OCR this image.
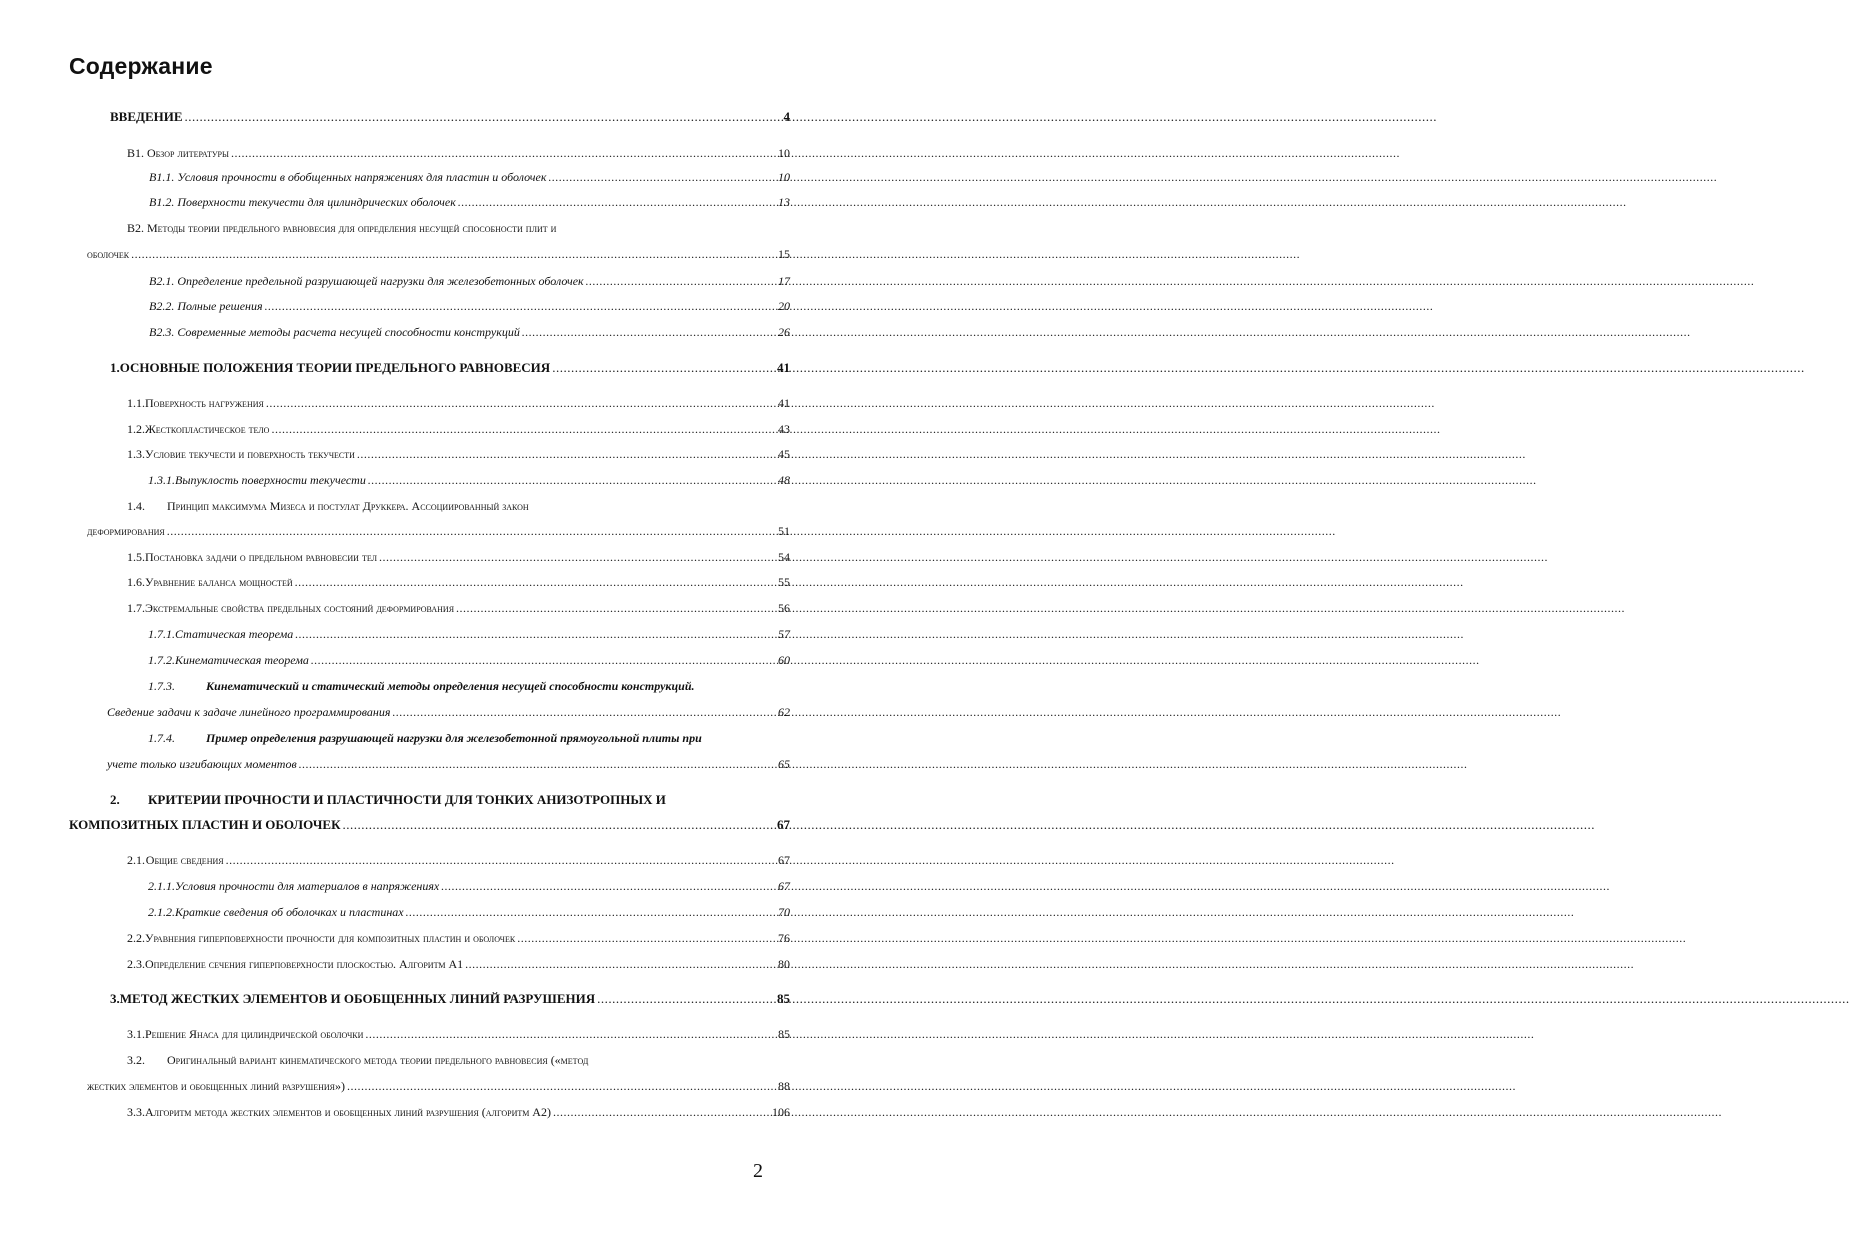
Содержание
ВВЕДЕНИЕ .....	4
В1. Обзор литературы .....	10
В1.1. Условия прочности в обобщенных напряжениях для пластин и оболочек .....	10
В1.2. Поверхности текучести для цилиндрических оболочек .....	13
В2. Методы теории предельного равновесия для определения несущей способности плит и
оболочек .....	15
В2.1. Определение предельной разрушающей нагрузки для железобетонных оболочек .....	17
В2.2. Полные решения .....	20
В2.3. Современные методы расчета несущей способности конструкций .....	26
1. ОСНОВНЫЕ ПОЛОЖЕНИЯ ТЕОРИИ ПРЕДЕЛЬНОГО РАВНОВЕСИЯ .....	41
1.1. Поверхность нагружения .....	41
1.2. Жесткопластическое тело .....	43
1.3. Условие текучести и поверхность текучести .....	45
1.3.1. Выпуклость поверхности текучести .....	48
1.4. Принцип максимума Мизеса и постулат Друккера. Ассоциированный закон
деформирования .....	51
1.5. Постановка задачи о предельном равновесии тел .....	54
1.6. Уравнение баланса мощностей .....	55
1.7. Экстремальные свойства предельных состояний деформирования .....	56
1.7.1. Статическая теорема .....	57
1.7.2. Кинематическая теорема .....	60
1.7.3.	Кинематический и статический методы определения несущей способности конструкций.
Сведение задачи к задаче линейного программирования .....	62
1.7.4.	Пример определения разрушающей нагрузки для железобетонной прямоугольной плиты при
учете только изгибающих моментов .....	65
2. КРИТЕРИИ ПРОЧНОСТИ И ПЛАСТИЧНОСТИ ДЛЯ ТОНКИХ АНИЗОТРОПНЫХ И
КОМПОЗИТНЫХ ПЛАСТИН И ОБОЛОЧЕК .....	67
2.1. Общие сведения .....	67
2.1.1. Условия прочности для материалов в напряжениях .....	67
2.1.2. Краткие сведения об оболочках и пластинах .....	70
2.2. Уравнения гиперповерхности прочности для композитных пластин и оболочек .....	76
2.3. Определение сечения гиперповерхности плоскостью. Алгоритм А1 .....	80
3. МЕТОД ЖЕСТКИХ ЭЛЕМЕНТОВ И ОБОБЩЕННЫХ ЛИНИЙ РАЗРУШЕНИЯ .....	85
3.1. Решение Янаса для цилиндрической оболочки .....	85
3.2. Оригинальный вариант кинематического метода теории предельного равновесия («метод
жестких элементов и обобщенных линий разрушения») .....	88
3.3. Алгоритм метода жестких элементов и обобщенных линий разрушения (алгоритм А2) .....	106
2
